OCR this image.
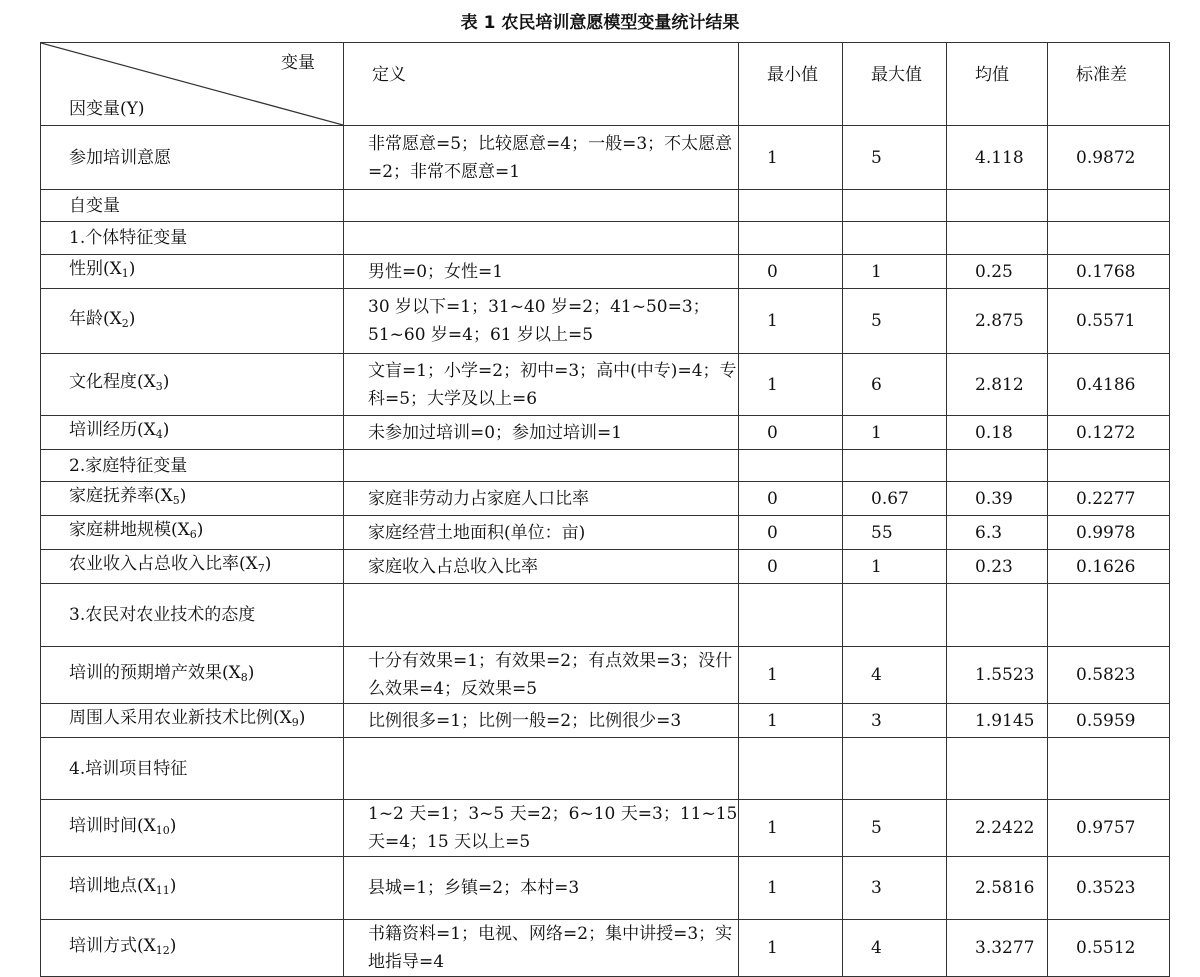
表 1 农民培训意愿模型变量统计结果
变量
因变量(Y)	定义	最小值	最大值	均值	标准差
参加培训意愿	非常愿意=5；比较愿意=4；一般=3；不太愿意=2；非常不愿意=1	1	5	4.118	0.9872
自变量					
1.个体特征变量					
性别$(X_1)$	男性=0；女性=1	0	1	0.25	0.1768
年龄$(X_2)$	30 岁以下=1；31~40 岁=2；41~50=3；51~60 岁=4；61 岁以上=5	1	5	2.875	0.5571
文化程度$(X_3)$	文盲=1；小学=2；初中=3；高中(中专)=4；专科=5；大学及以上=6	1	6	2.812	0.4186
培训经历$(X_4)$	未参加过培训=0；参加过培训=1	0	1	0.18	0.1272
2.家庭特征变量					
家庭抚养率$(X_5)$	家庭非劳动力占家庭人口比率	0	0.67	0.39	0.2277
家庭耕地规模$(X_6)$	家庭经营土地面积(单位：亩)	0	55	6.3	0.9978
农业收入占总收入比率$(X_7)$	家庭收入占总收入比率	0	1	0.23	0.1626
3.农民对农业技术的态度					
培训的预期增产效果$(X_8)$	十分有效果=1；有效果=2；有点效果=3；没什么效果=4；反效果=5	1	4	1.5523	0.5823
周围人采用农业新技术比例$(X_9)$	比例很多=1；比例一般=2；比例很少=3	1	3	1.9145	0.5959
4.培训项目特征					
培训时间$(X_{10})$	1~2 天=1；3~5 天=2；6~10 天=3；11~15 天=4；15 天以上=5	1	5	2.2422	0.9757
培训地点$(X_{11})$	县城=1；乡镇=2；本村=3	1	3	2.5816	0.3523
培训方式$(X_{12})$	书籍资料=1；电视、网络=2；集中讲授=3；实地指导=4	1	4	3.3277	0.5512
